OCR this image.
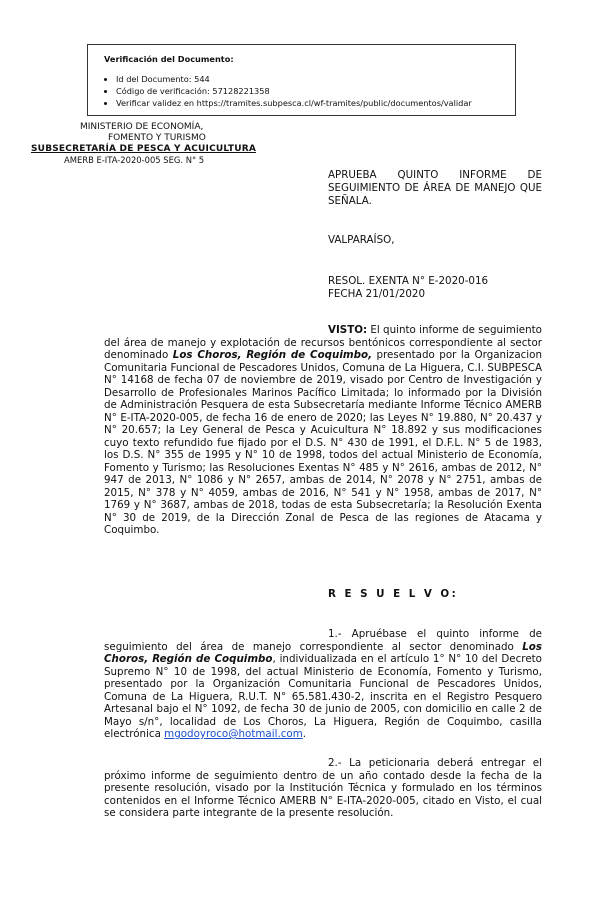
Verificación del Documento:
• Id del Documento: 544
• Código de verificación: 57128221358
• Verificar validez en https://tramites.subpesca.cl/wf-tramites/public/documentos/validar
MINISTERIO DE ECONOMÍA,
FOMENTO Y TURISMO
SUBSECRETARÍA DE PESCA Y ACUICULTURA
AMERB E-ITA-2020-005 SEG. N° 5
APRUEBA QUINTO INFORME DE SEGUIMIENTO DE ÁREA DE MANEJO QUE SEÑALA.
VALPARAÍSO,
RESOL. EXENTA N° E-2020-016
FECHA 21/01/2020

VISTO: El quinto informe de seguimiento del área de manejo y explotación de recursos bentónicos correspondiente al sector denominado Los Choros, Región de Coquimbo, presentado por la Organizacion Comunitaria Funcional de Pescadores Unidos, Comuna de La Higuera, C.I. SUBPESCA N° 14168 de fecha 07 de noviembre de 2019, visado por Centro de Investigación y Desarrollo de Profesionales Marinos Pacífico Limitada; lo informado por la División de Administración Pesquera de esta Subsecretaría mediante Informe Técnico AMERB N° E-ITA-2020-005, de fecha 16 de enero de 2020; las Leyes N° 19.880, N° 20.437 y N° 20.657; la Ley General de Pesca y Acuicultura N° 18.892 y sus modificaciones cuyo texto refundido fue fijado por el D.S. N° 430 de 1991, el D.F.L. N° 5 de 1983, los D.S. N° 355 de 1995 y N° 10 de 1998, todos del actual Ministerio de Economía, Fomento y Turismo; las Resoluciones Exentas N° 485 y N° 2616, ambas de 2012, N° 947 de 2013, N° 1086 y N° 2657, ambas de 2014, N° 2078 y N° 2751, ambas de 2015, N° 378 y N° 4059, ambas de 2016, N° 541 y N° 1958, ambas de 2017, N° 1769 y N° 3687, ambas de 2018, todas de esta Subsecretaría; la Resolución Exenta N° 30 de 2019, de la Dirección Zonal de Pesca de las regiones de Atacama y Coquimbo.

R E S U E L V O:

1.- Apruébase el quinto informe de seguimiento del área de manejo correspondiente al sector denominado Los Choros, Región de Coquimbo, individualizada en el artículo 1° N° 10 del Decreto Supremo N° 10 de 1998, del actual Ministerio de Economía, Fomento y Turismo, presentado por la Organización Comunitaria Funcional de Pescadores Unidos, Comuna de La Higuera, R.U.T. N° 65.581.430-2, inscrita en el Registro Pesquero Artesanal bajo el N° 1092, de fecha 30 de junio de 2005, con domicilio en calle 2 de Mayo s/n°, localidad de Los Choros, La Higuera, Región de Coquimbo, casilla electrónica mgodoyroco@hotmail.com.

2.- La peticionaria deberá entregar el próximo informe de seguimiento dentro de un año contado desde la fecha de la presente resolución, visado por la Institución Técnica y formulado en los términos contenidos en el Informe Técnico AMERB N° E-ITA-2020-005, citado en Visto, el cual se considera parte integrante de la presente resolución.
